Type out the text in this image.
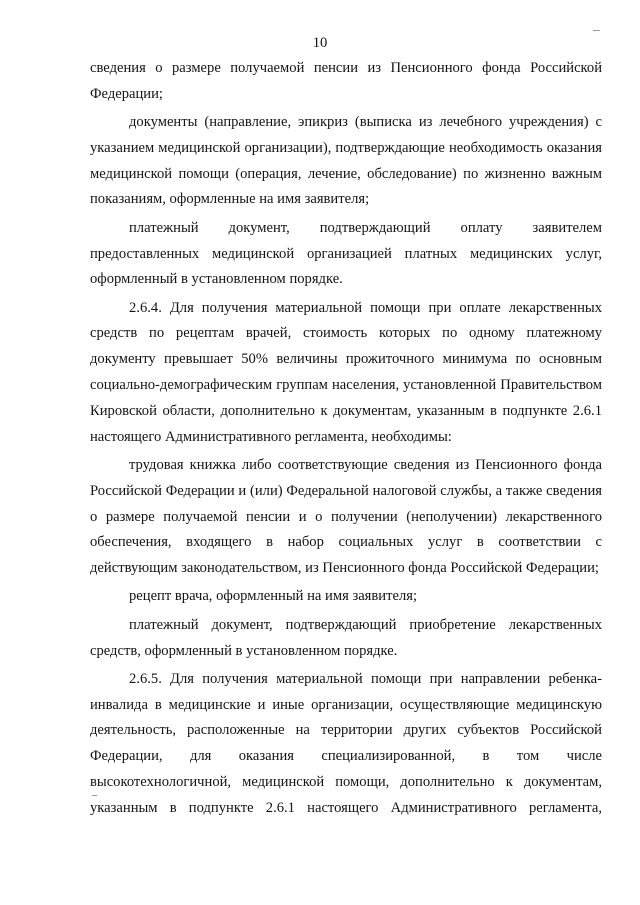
10

сведения о размере получаемой пенсии из Пенсионного фонда Российской Федерации;

документы (направление, эпикриз (выписка из лечебного учреждения) с указанием медицинской организации), подтверждающие необходимость оказания медицинской помощи (операция, лечение, обследование) по жизненно важным показаниям, оформленные на имя заявителя;

платежный документ, подтверждающий оплату заявителем предоставленных медицинской организацией платных медицинских услуг, оформленный в установленном порядке.

2.6.4. Для получения материальной помощи при оплате лекарственных средств по рецептам врачей, стоимость которых по одному платежному документу превышает 50% величины прожиточного минимума по основным социально-демографическим группам населения, установленной Правительством Кировской области, дополнительно к документам, указанным в подпункте 2.6.1 настоящего Административного регламента, необходимы:

трудовая книжка либо соответствующие сведения из Пенсионного фонда Российской Федерации и (или) Федеральной налоговой службы, а также сведения о размере получаемой пенсии и о получении (неполучении) лекарственного обеспечения, входящего в набор социальных услуг в соответствии с действующим законодательством, из Пенсионного фонда Российской Федерации;

рецепт врача, оформленный на имя заявителя;

платежный документ, подтверждающий приобретение лекарственных средств, оформленный в установленном порядке.

2.6.5. Для получения материальной помощи при направлении ребенка-инвалида в медицинские и иные организации, осуществляющие медицинскую деятельность, расположенные на территории других субъектов Российской Федерации, для оказания специализированной, в том числе высокотехнологичной, медицинской помощи, дополнительно к документам, указанным в подпункте 2.6.1 настоящего Административного регламента,
